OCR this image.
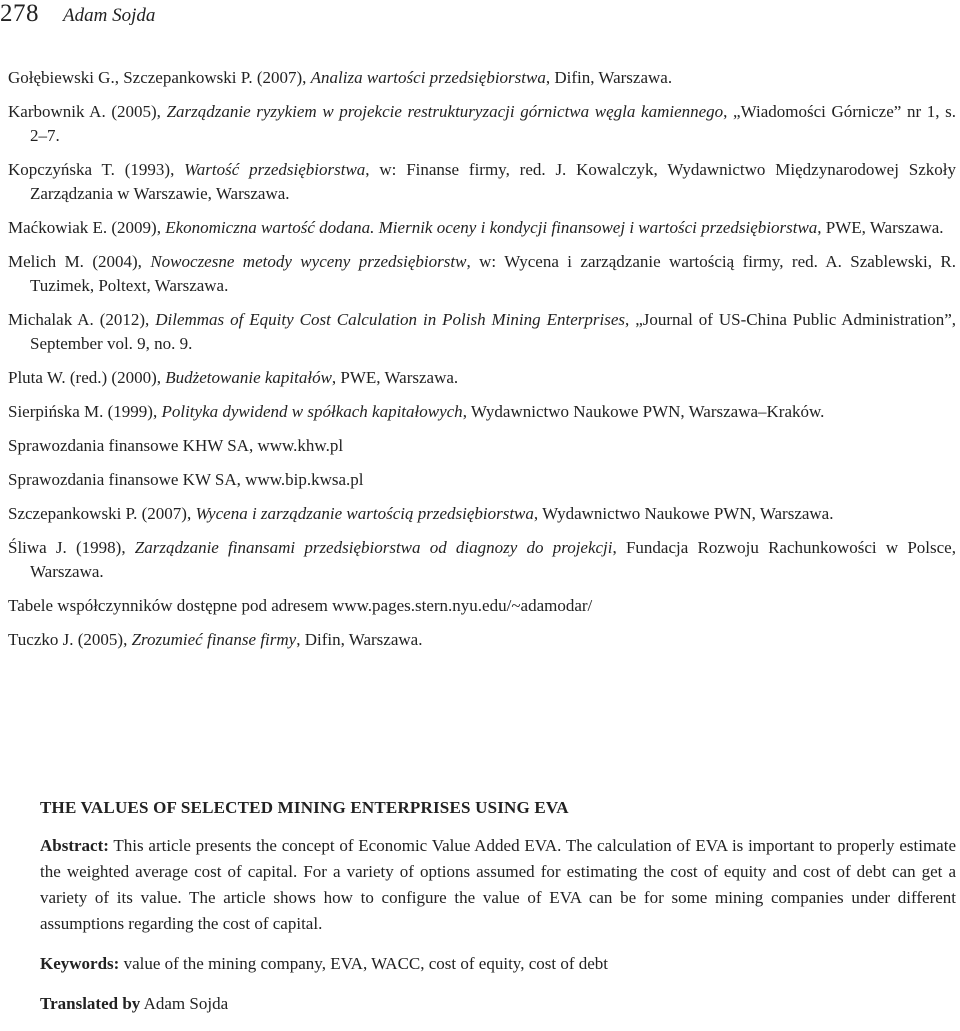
278 Adam Sojda

Gołębiewski G., Szczepankowski P. (2007), Analiza wartości przedsiębiorstwa, Difin, Warszawa.

Karbownik A. (2005), Zarządzanie ryzykiem w projekcie restrukturyzacji górnictwa węgla kamiennego, „Wiadomości Górnicze” nr 1, s. 2–7.

Kopczyńska T. (1993), Wartość przedsiębiorstwa, w: Finanse firmy, red. J. Kowalczyk, Wydawnictwo Międzynarodowej Szkoły Zarządzania w Warszawie, Warszawa.

Maćkowiak E. (2009), Ekonomiczna wartość dodana. Miernik oceny i kondycji finansowej i wartości przedsiębiorstwa, PWE, Warszawa.

Melich M. (2004), Nowoczesne metody wyceny przedsiębiorstw, w: Wycena i zarządzanie wartością firmy, red. A. Szablewski, R. Tuzimek, Poltext, Warszawa.

Michalak A. (2012), Dilemmas of Equity Cost Calculation in Polish Mining Enterprises, „Journal of US-China Public Administration”, September vol. 9, no. 9.

Pluta W. (red.) (2000), Budżetowanie kapitałów, PWE, Warszawa.

Sierpińska M. (1999), Polityka dywidend w spółkach kapitałowych, Wydawnictwo Naukowe PWN, Warszawa–Kraków.

Sprawozdania finansowe KHW SA, www.khw.pl

Sprawozdania finansowe KW SA, www.bip.kwsa.pl

Szczepankowski P. (2007), Wycena i zarządzanie wartością przedsiębiorstwa, Wydawnictwo Naukowe PWN, Warszawa.

Śliwa J. (1998), Zarządzanie finansami przedsiębiorstwa od diagnozy do projekcji, Fundacja Rozwoju Rachunkowości w Polsce, Warszawa.

Tabele współczynników dostępne pod adresem www.pages.stern.nyu.edu/~adamodar/

Tuczko J. (2005), Zrozumieć finanse firmy, Difin, Warszawa.

THE VALUES OF SELECTED MINING ENTERPRISES USING EVA

Abstract: This article presents the concept of Economic Value Added EVA. The calculation of EVA is important to properly estimate the weighted average cost of capital. For a variety of options assumed for estimating the cost of equity and cost of debt can get a variety of its value. The article shows how to configure the value of EVA can be for some mining companies under different assumptions regarding the cost of capital.

Keywords: value of the mining company, EVA, WACC, cost of equity, cost of debt

Translated by Adam Sojda
